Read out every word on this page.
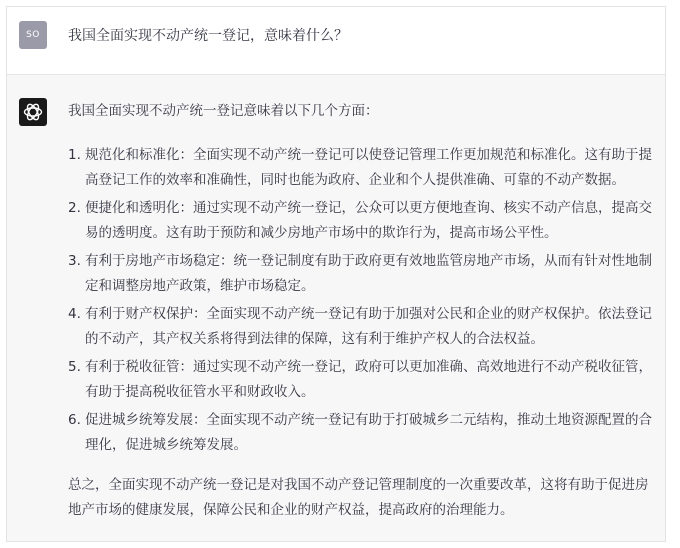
SO	我国全面实现不动产统一登记，意味着什么？

我国全面实现不动产统一登记意味着以下几个方面：

1. 规范化和标准化：全面实现不动产统一登记可以使登记管理工作更加规范和标准化。这有助于提高登记工作的效率和准确性，同时也能为政府、企业和个人提供准确、可靠的不动产数据。
2. 便捷化和透明化：通过实现不动产统一登记，公众可以更方便地查询、核实不动产信息，提高交易的透明度。这有助于预防和减少房地产市场中的欺诈行为，提高市场公平性。
3. 有利于房地产市场稳定：统一登记制度有助于政府更有效地监管房地产市场，从而有针对性地制定和调整房地产政策，维护市场稳定。
4. 有利于财产权保护：全面实现不动产统一登记有助于加强对公民和企业的财产权保护。依法登记的不动产，其产权关系将得到法律的保障，这有利于维护产权人的合法权益。
5. 有利于税收征管：通过实现不动产统一登记，政府可以更加准确、高效地进行不动产税收征管，有助于提高税收征管水平和财政收入。
6. 促进城乡统筹发展：全面实现不动产统一登记有助于打破城乡二元结构，推动土地资源配置的合理化，促进城乡统筹发展。

总之，全面实现不动产统一登记是对我国不动产登记管理制度的一次重要改革，这将有助于促进房地产市场的健康发展，保障公民和企业的财产权益，提高政府的治理能力。
